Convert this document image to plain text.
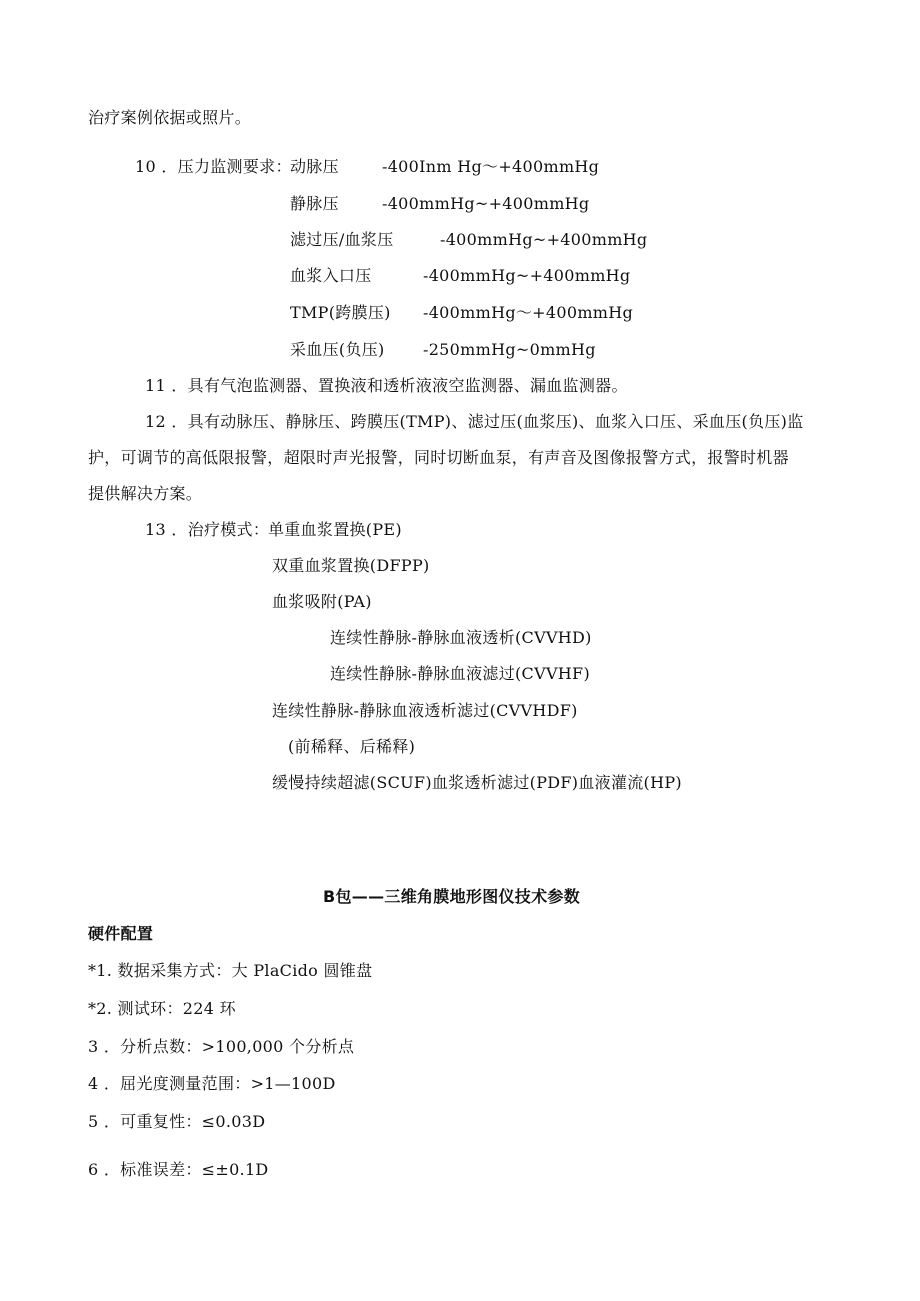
治疗案例依据或照片。
10 ．压力监测要求：
动脉压	-400Inm Hg～+400mmHg
静脉压	-400mmHg~+400mmHg
滤过压/血浆压	-400mmHg~+400mmHg
血浆入口压	-400mmHg~+400mmHg
TMP(跨膜压) -400mmHg～+400mmHg
采血压(负压) -250mmHg~0mmHg
11 ．具有气泡监测器、置换液和透析液液空监测器、漏血监测器。
12 ．具有动脉压、静脉压、跨膜压(TMP)、滤过压(血浆压)、血浆入口压、采血压(负压)监
护，可调节的高低限报警，超限时声光报警，同时切断血泵，有声音及图像报警方式，报警时机器
提供解决方案。
13 ．治疗模式：
单重血浆置换(PE)
双重血浆置换(DFPP)
血浆吸附(PA)
连续性静脉-静脉血液透析(CVVHD)
连续性静脉-静脉血液滤过(CVVHF)
连续性静脉-静脉血液透析滤过(CVVHDF)
(前稀释、后稀释)
缓慢持续超滤(SCUF)血浆透析滤过(PDF)血液灌流(HP)
B包——三维角膜地形图仪技术参数
硬件配置
*1. 数据采集方式：大 PlaCido 圆锥盘
*2. 测试环：224 环
3 ．分析点数：>100,000 个分析点
4 ．屈光度测量范围：>1—100D
5 ．可重复性：≤0.03D
6 ．标准误差：≤±0.1D
